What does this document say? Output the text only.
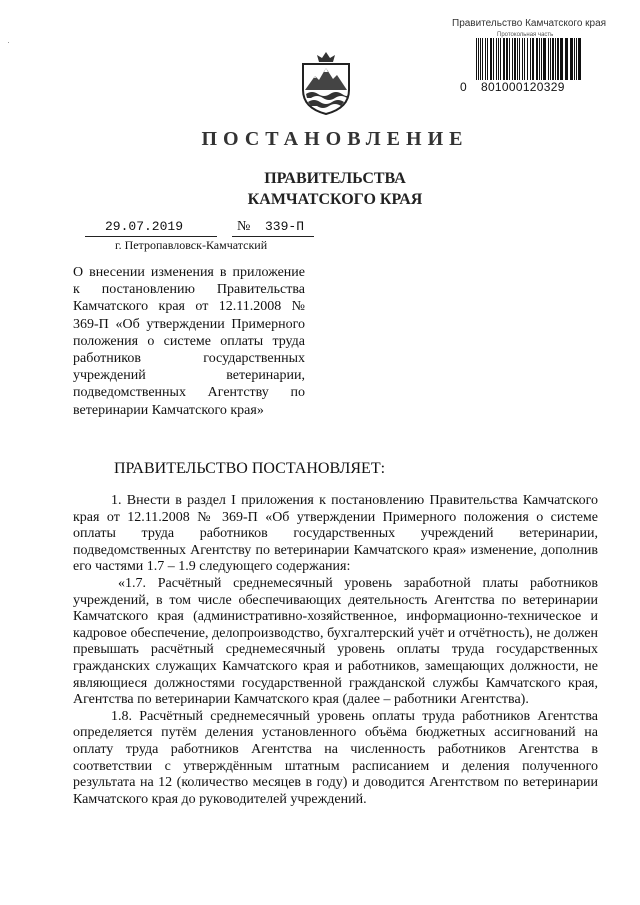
Правительство Камчатского края
Протокольная часть
0 801000120329
ПОСТАНОВЛЕНИЕ
ПРАВИТЕЛЬСТВА
КАМЧАТСКОГО КРАЯ
29.07.2019	№ 339-П
г. Петропавловск-Камчатский
О внесении изменения в приложение к постановлению Правительства Камчатского края от 12.11.2008 № 369-П «Об утверждении Примерного положения о системе оплаты труда работников государственных учреждений ветеринарии, подведомственных Агентству по ветеринарии Камчатского края»
ПРАВИТЕЛЬСТВО ПОСТАНОВЛЯЕТ:

1. Внести в раздел I приложения к постановлению Правительства Камчатского края от 12.11.2008 № 369-П «Об утверждении Примерного положения о системе оплаты труда работников государственных учреждений ветеринарии, подведомственных Агентству по ветеринарии Камчатского края» изменение, дополнив его частями 1.7 – 1.9 следующего содержания:

«1.7. Расчётный среднемесячный уровень заработной платы работников учреждений, в том числе обеспечивающих деятельность Агентства по ветеринарии Камчатского края (административно-хозяйственное, информационно-техническое и кадровое обеспечение, делопроизводство, бухгалтерский учёт и отчётность), не должен превышать расчётный среднемесячный уровень оплаты труда государственных гражданских служащих Камчатского края и работников, замещающих должности, не являющиеся должностями государственной гражданской службы Камчатского края, Агентства по ветеринарии Камчатского края (далее – работники Агентства).

1.8. Расчётный среднемесячный уровень оплаты труда работников Агентства определяется путём деления установленного объёма бюджетных ассигнований на оплату труда работников Агентства на численность работников Агентства в соответствии с утверждённым штатным расписанием и деления полученного результата на 12 (количество месяцев в году) и доводится Агентством по ветеринарии Камчатского края до руководителей учреждений.
